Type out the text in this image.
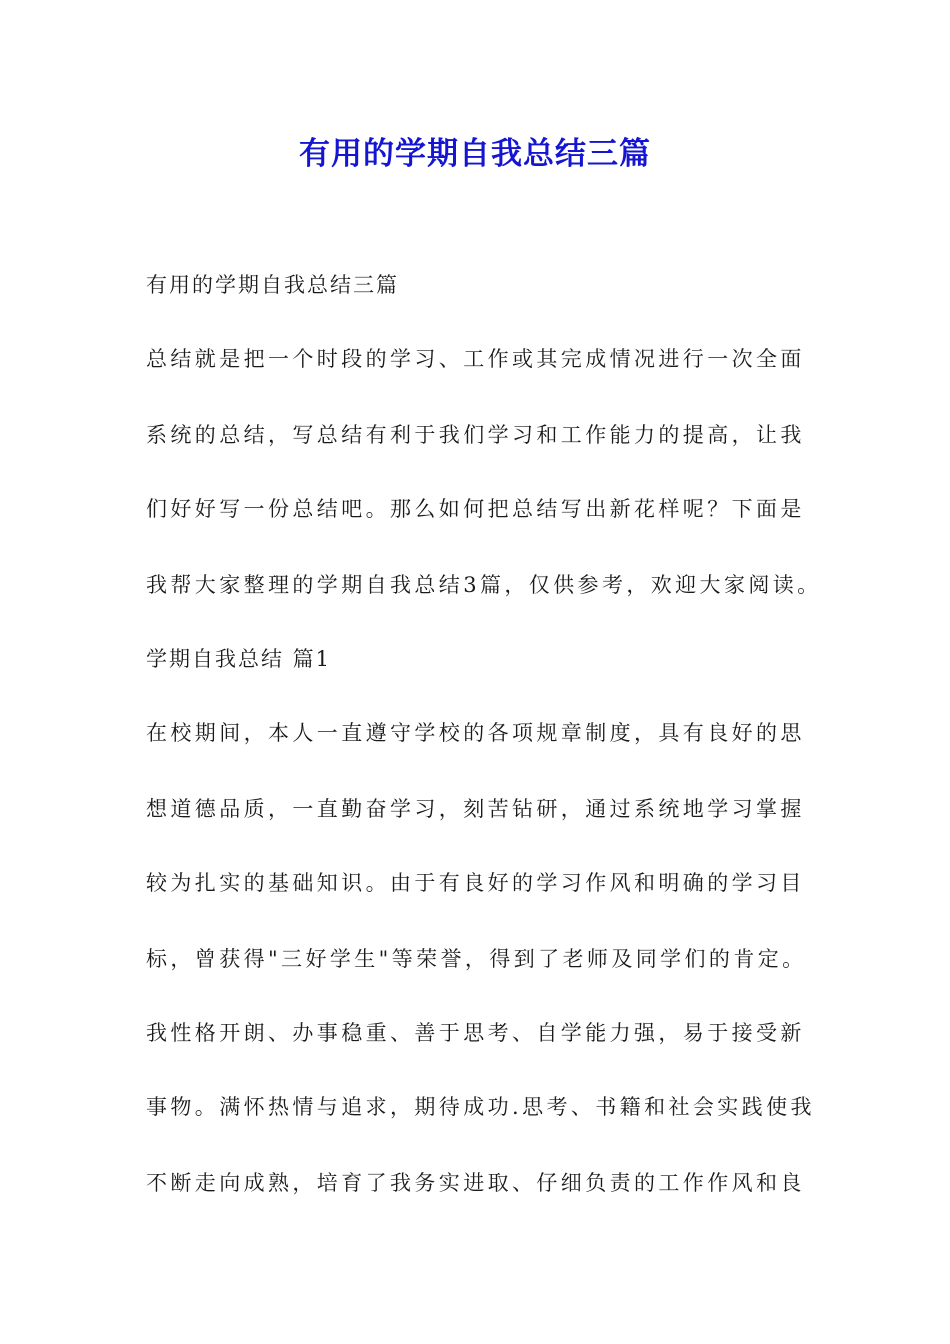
有用的学期自我总结三篇
有用的学期自我总结三篇
总结就是把一个时段的学习、工作或其完成情况进行一次全面
系统的总结，写总结有利于我们学习和工作能力的提高，让我
们好好写一份总结吧。那么如何把总结写出新花样呢？下面是
我帮大家整理的学期自我总结3篇，仅供参考，欢迎大家阅读。
学期自我总结 篇1
在校期间，本人一直遵守学校的各项规章制度，具有良好的思
想道德品质，一直勤奋学习，刻苦钻研，通过系统地学习掌握
较为扎实的基础知识。由于有良好的学习作风和明确的学习目
标，曾获得"三好学生"等荣誉，得到了老师及同学们的肯定。
我性格开朗、办事稳重、善于思考、自学能力强，易于接受新
事物。满怀热情与追求，期待成功.思考、书籍和社会实践使我
不断走向成熟，培育了我务实进取、仔细负责的工作作风和良
